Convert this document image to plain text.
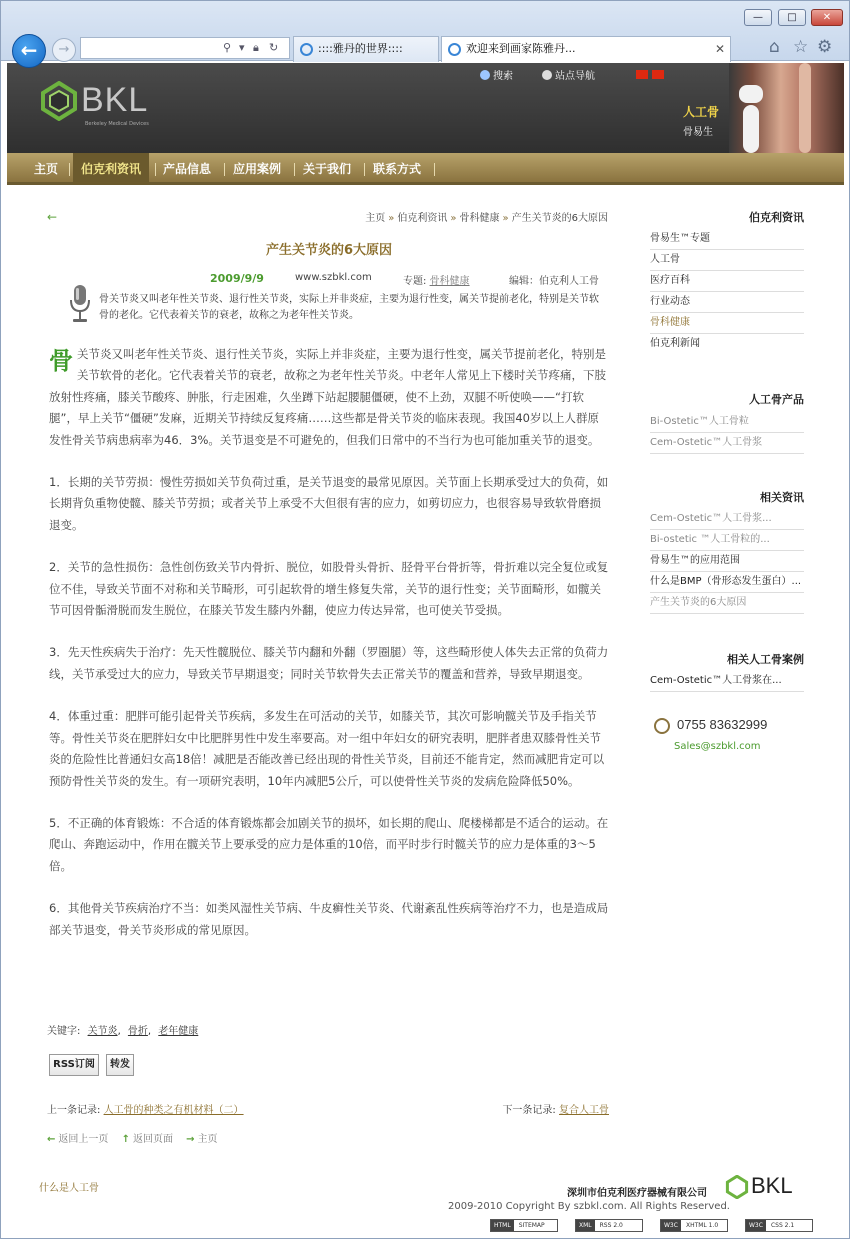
—	□	✕
←	→	⚲ ▾ 🔒︎ ↻	::::雅丹的世界::::	欢迎来到画家陈雅丹...	✕	⌂ ☆ ⚙
BKL
Berkeley Medical Devices
搜索	站点导航
人工骨
骨易生
主页	伯克利资讯	产品信息 应用案例 关于我们 联系方式
←	主页 » 伯克利资讯 » 骨科健康 » 产生关节炎的6大原因
产生关节炎的6大原因
2009/9/9	www.szbkl.com	专题: 骨科健康	编辑：伯克利人工骨
骨关节炎又叫老年性关节炎、退行性关节炎，实际上并非炎症，主要为退行性变，属关节提前老化，特别是关节软骨的老化。它代表着关节的衰老，故称之为老年性关节炎。

骨关节炎又叫老年性关节炎、退行性关节炎，实际上并非炎症，主要为退行性变，属关节提前老化，特别是关节软骨的老化。它代表着关节的衰老，故称之为老年性关节炎。中老年人常见上下楼时关节疼痛，下肢放射性疼痛，膝关节酸疼、肿胀，行走困难，久坐蹲下站起腰腿僵硬，使不上劲，双腿不听使唤——“打软腿”，早上关节“僵硬”发麻，近期关节持续反复疼痛……这些都是骨关节炎的临床表现。我国40岁以上人群原发性骨关节病患病率为46．3%。关节退变是不可避免的，但我们日常中的不当行为也可能加重关节的退变。

1．长期的关节劳损：慢性劳损如关节负荷过重，是关节退变的最常见原因。关节面上长期承受过大的负荷，如长期背负重物使髋、膝关节劳损；或者关节上承受不大但很有害的应力，如剪切应力，也很容易导致软骨磨损退变。

2．关节的急性损伤：急性创伤致关节内骨折、脱位，如股骨头骨折、胫骨平台骨折等，骨折难以完全复位或复位不佳，导致关节面不对称和关节畸形，可引起软骨的增生修复失常，关节的退行性变；关节面畸形，如髋关节可因骨骺滑脱而发生脱位，在膝关节发生膝内外翻，使应力传达异常，也可使关节受损。

3．先天性疾病失于治疗：先天性髋脱位、膝关节内翻和外翻（罗圈腿）等，这些畸形使人体失去正常的负荷力线，关节承受过大的应力，导致关节早期退变；同时关节软骨失去正常关节的覆盖和营养，导致早期退变。

4．体重过重：肥胖可能引起骨关节疾病，多发生在可活动的关节，如膝关节，其次可影响髋关节及手指关节等。骨性关节炎在肥胖妇女中比肥胖男性中发生率要高。对一组中年妇女的研究表明，肥胖者患双膝骨性关节炎的危险性比普通妇女高18倍！减肥是否能改善已经出现的骨性关节炎，目前还不能肯定，然而减肥肯定可以预防骨性关节炎的发生。有一项研究表明，10年内减肥5公斤，可以使骨性关节炎的发病危险降低50%。

5．不正确的体育锻炼：不合适的体育锻炼都会加剧关节的损坏，如长期的爬山、爬楼梯都是不适合的运动。在爬山、奔跑运动中，作用在髋关节上要承受的应力是体重的10倍，而平时步行时髋关节的应力是体重的3～5倍。

6．其他骨关节疾病治疗不当：如类风湿性关节病、牛皮癣性关节炎、代谢紊乱性疾病等治疗不力，也是造成局部关节退变，骨关节炎形成的常见原因。

关键字: 关节炎, 骨折, 老年健康
RSS订阅	转发
上一条记录: 人工骨的种类之有机材料（二）	下一条记录: 复合人工骨
← 返回上一页 ↑ 返回页面 → 主页
伯克利资讯
骨易生™专题
人工骨
医疗百科
行业动态
骨科健康
伯克利新闻
人工骨产品
Bi-Ostetic™人工骨粒
Cem-Ostetic™人工骨浆
相关资讯
Cem-Ostetic™人工骨浆...
Bi-ostetic ™人工骨粒的...
骨易生™的应用范围
什么是BMP（骨形态发生蛋白）...
产生关节炎的6大原因
相关人工骨案例
Cem-Ostetic™人工骨浆在...
0755 83632999
Sales@szbkl.com
什么是人工骨	深圳市伯克利医疗器械有限公司
2009-2010 Copyright By szbkl.com. All Rights Reserved.
BKL
HTML SITEMAP	XML RSS 2.0	W3C XHTML 1.0	W3C CSS 2.1
